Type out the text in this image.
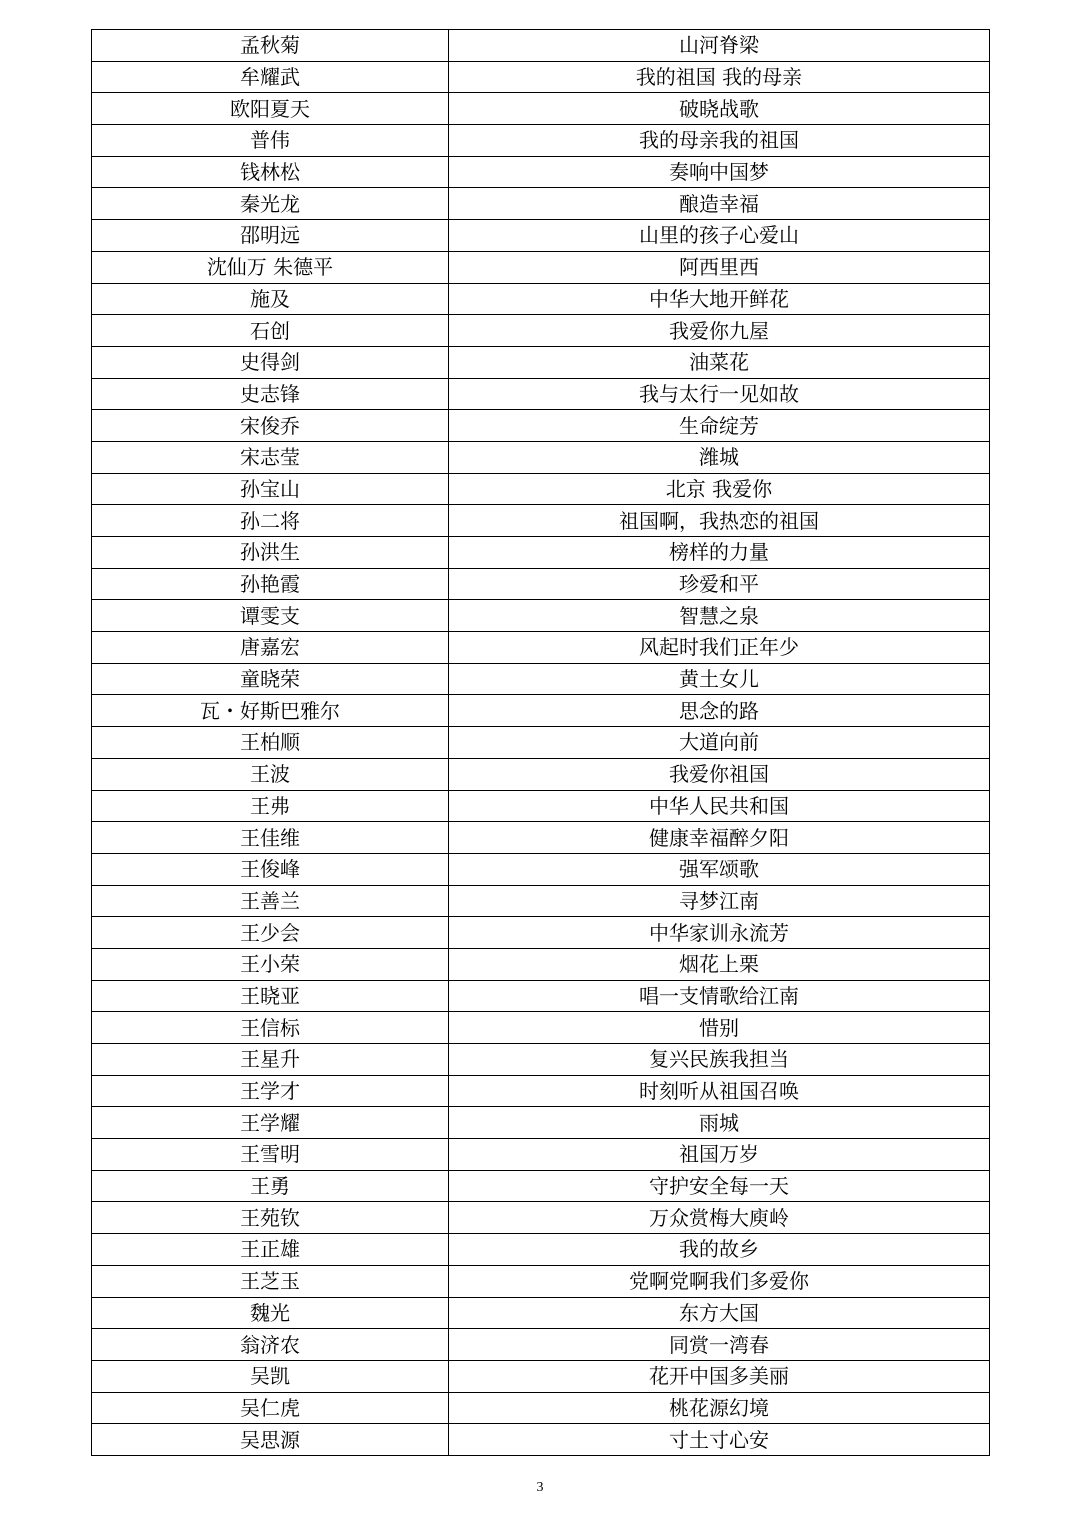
孟秋菊	山河脊梁
牟耀武	我的祖国 我的母亲
欧阳夏天	破晓战歌
普伟	我的母亲我的祖国
钱林松	奏响中国梦
秦光龙	酿造幸福
邵明远	山里的孩子心爱山
沈仙万 朱德平	阿西里西
施及	中华大地开鲜花
石创	我爱你九屋
史得剑	油菜花
史志锋	我与太行一见如故
宋俊乔	生命绽芳
宋志莹	潍城
孙宝山	北京 我爱你
孙二将	祖国啊，我热恋的祖国
孙洪生	榜样的力量
孙艳霞	珍爱和平
谭雯支	智慧之泉
唐嘉宏	风起时我们正年少
童晓荣	黄土女儿
瓦・好斯巴雅尔	思念的路
王柏顺	大道向前
王波	我爱你祖国
王弗	中华人民共和国
王佳维	健康幸福醉夕阳
王俊峰	强军颂歌
王善兰	寻梦江南
王少会	中华家训永流芳
王小荣	烟花上栗
王晓亚	唱一支情歌给江南
王信标	惜别
王星升	复兴民族我担当
王学才	时刻听从祖国召唤
王学耀	雨城
王雪明	祖国万岁
王勇	守护安全每一天
王苑钦	万众赏梅大庾岭
王正雄	我的故乡
王芝玉	党啊党啊我们多爱你
魏光	东方大国
翁济农	同赏一湾春
吴凯	花开中国多美丽
吴仁虎	桃花源幻境
吴思源	寸土寸心安
3
